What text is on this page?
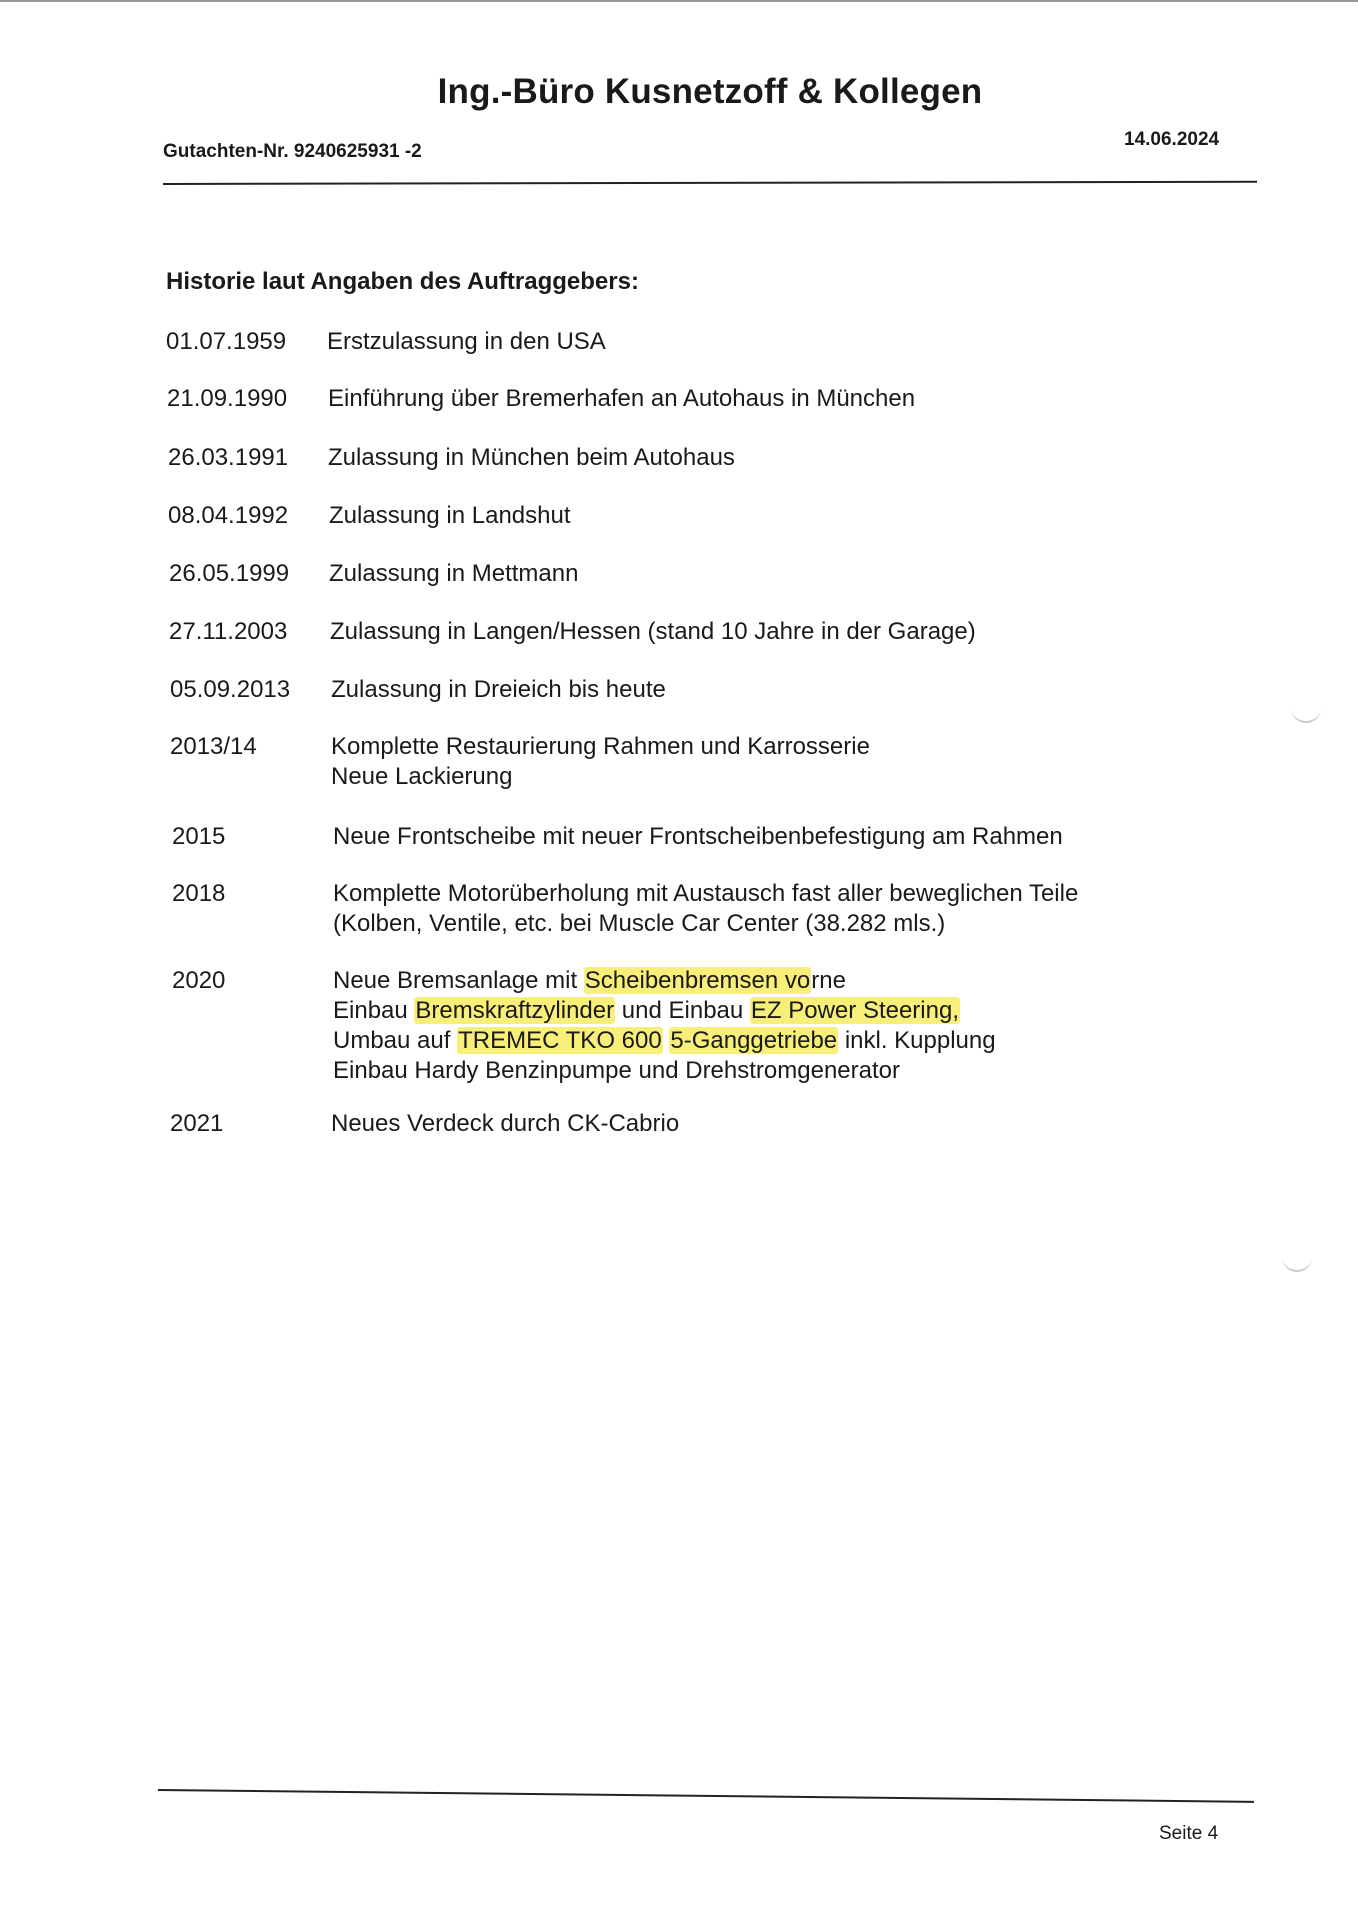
Ing.-Büro Kusnetzoff & Kollegen
Gutachten-Nr. 9240625931 -2
14.06.2024
Historie laut Angaben des Auftraggebers:
01.07.1959 Erstzulassung in den USA
21.09.1990 Einführung über Bremerhafen an Autohaus in München
26.03.1991 Zulassung in München beim Autohaus
08.04.1992 Zulassung in Landshut
26.05.1999 Zulassung in Mettmann
27.11.2003 Zulassung in Langen/Hessen (stand 10 Jahre in der Garage)
05.09.2013 Zulassung in Dreieich bis heute
2013/14	Komplette Restaurierung Rahmen und Karrosserie
Neue Lackierung
2015	Neue Frontscheibe mit neuer Frontscheibenbefestigung am Rahmen
2018	Komplette Motorüberholung mit Austausch fast aller beweglichen Teile
(Kolben, Ventile, etc. bei Muscle Car Center (38.282 mls.)
2020	Neue Bremsanlage mit Scheibenbremsen vorne
Einbau Bremskraftzylinder und Einbau EZ Power Steering,
Umbau auf TREMEC TKO 600 5-Ganggetriebe inkl. Kupplung
Einbau Hardy Benzinpumpe und Drehstromgenerator
2021	Neues Verdeck durch CK-Cabrio
Seite 4
